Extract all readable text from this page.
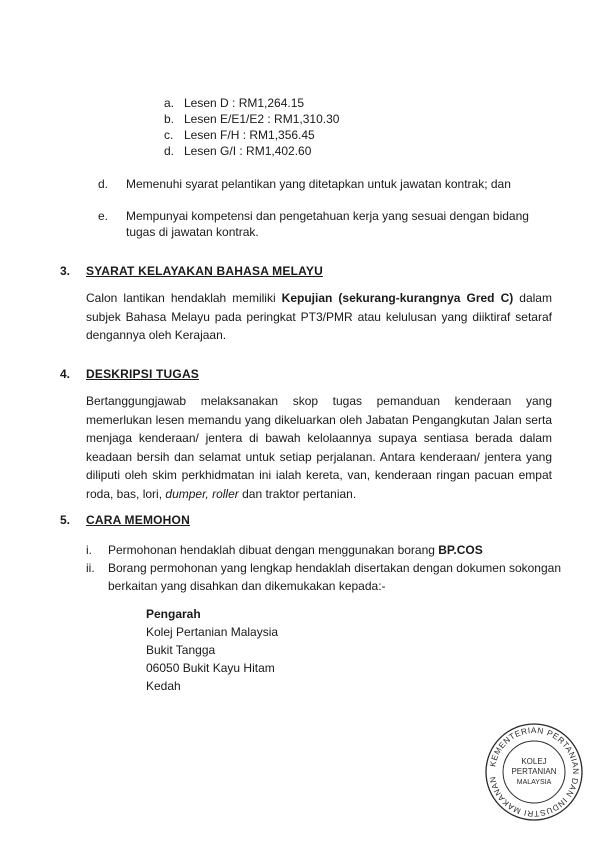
a. Lesen D : RM1,264.15
b. Lesen E/E1/E2 : RM1,310.30
c. Lesen F/H : RM1,356.45
d. Lesen G/I : RM1,402.60
d. Memenuhi syarat pelantikan yang ditetapkan untuk jawatan kontrak; dan
e. Mempunyai kompetensi dan pengetahuan kerja yang sesuai dengan bidang
tugas di jawatan kontrak.
3. SYARAT KELAYAKAN BAHASA MELAYU
Calon lantikan hendaklah memiliki Kepujian (sekurang-kurangnya Gred C) dalam subjek Bahasa Melayu pada peringkat PT3/PMR atau kelulusan yang diiktiraf setaraf dengannya oleh Kerajaan.
4. DESKRIPSI TUGAS
Bertanggungjawab melaksanakan skop tugas pemanduan kenderaan yang memerlukan lesen memandu yang dikeluarkan oleh Jabatan Pengangkutan Jalan serta menjaga kenderaan/ jentera di bawah kelolaannya supaya sentiasa berada dalam keadaan bersih dan selamat untuk setiap perjalanan. Antara kenderaan/ jentera yang diliputi oleh skim perkhidmatan ini ialah kereta, van, kenderaan ringan pacuan empat roda, bas, lori, dumper, roller dan traktor pertanian.
5. CARA MEMOHON
i. Permohonan hendaklah dibuat dengan menggunakan borang BP.COS
ii. Borang permohonan yang lengkap hendaklah disertakan dengan dokumen sokongan
berkaitan yang disahkan dan dikemukakan kepada:-
Pengarah
Kolej Pertanian Malaysia
Bukit Tangga
06050 Bukit Kayu Hitam
Kedah
KEMENTERIAN PERTANIAN DAN INDUSTRI MAKANAN
KOLEJ
PERTANIAN
MALAYSIA
